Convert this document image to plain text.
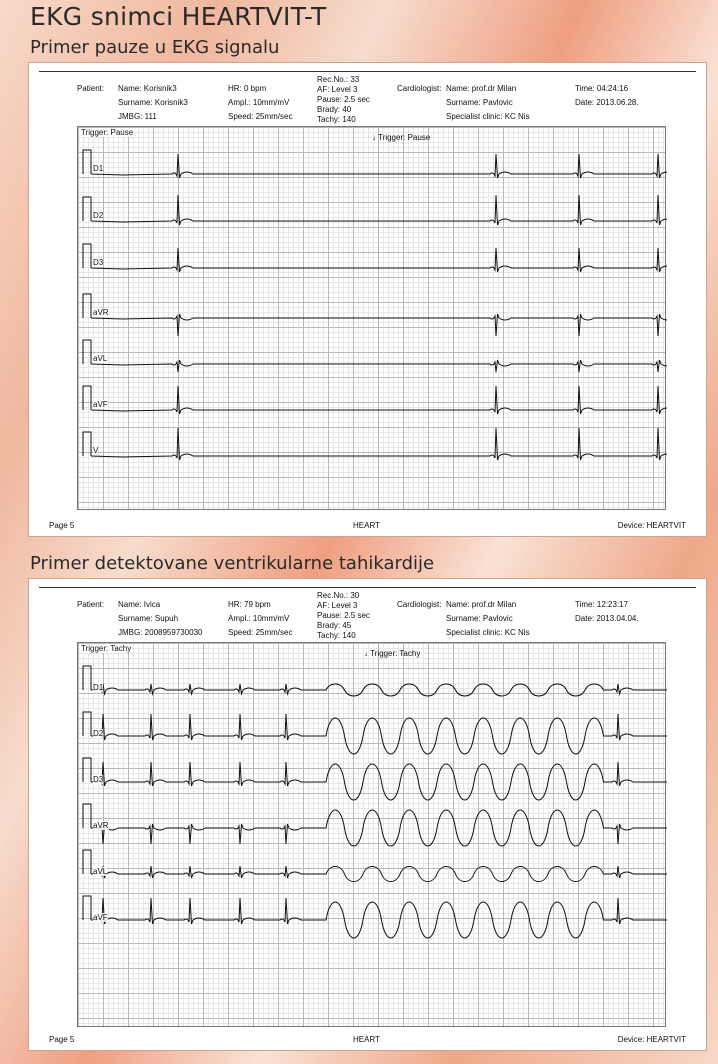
EKG snimci HEARTVIT-T
Primer pauze u EKG signalu
Patient: Name: Korisnik3
Surname: Korisnik3
JMBG: 111
HR: 0 bpm
Ampl.: 10mm/mV
Speed: 25mm/sec
Rec.No.: 33
AF: Level 3
Pause: 2.5 sec
Brady: 40
Tachy: 140
Cardiologist: Name: prof.dr Milan
Surname: Pavlovic
Specialist clinic: KC Nis
Time: 04:24:16
Date: 2013.06.28.
Trigger: Pause
↓ Trigger: Pause
D1
D2
D3
aVR
aVL
aVF
V
Page 5	HEART	Device: HEARTVIT
Primer detektovane ventrikularne tahikardije
Patient: Name: Ivica
Surname: Supuh
JMBG: 2008959730030
HR: 79 bpm
Ampl.: 10mm/mV
Speed: 25mm/sec
Rec.No.: 30
AF: Level 3
Pause: 2.5 sec
Brady: 45
Tachy: 140
Cardiologist: Name: prof.dr Milan
Surname: Pavlovic
Specialist clinic: KC Nis
Time: 12:23:17
Date: 2013.04.04.
Trigger: Tachy
↓ Trigger: Tachy
D1
D2
D3
aVR
aVL
aVF
Page 5	HEART	Device: HEARTVIT
